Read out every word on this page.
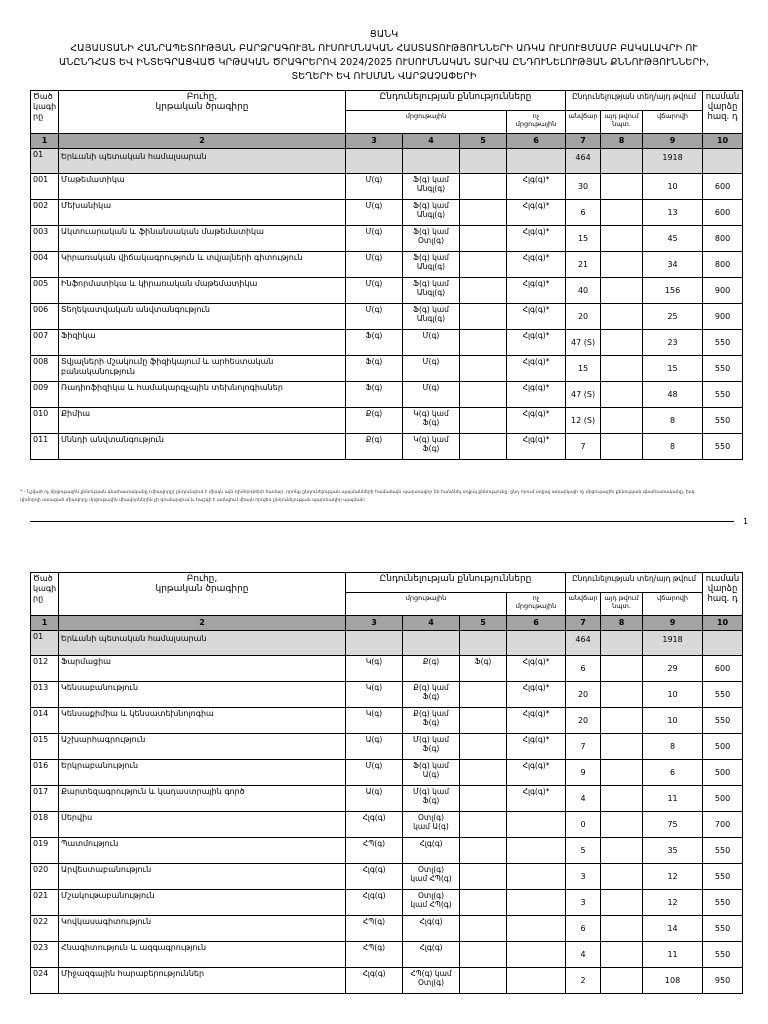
ՑԱՆԿ
ՀԱՅԱՍՏԱՆԻ ՀԱՆՐԱՊԵՏՈՒԹՅԱՆ ԲԱՐՁՐԱԳՈՒՅՆ ՈՒՍՈՒՄՆԱԿԱՆ ՀԱՍՏԱՏՈՒԹՅՈՒՆՆԵՐԻ ԱՌԿԱ ՈՒՍՈՒՑՄԱՄԲ ԲԱԿԱԼԱՎՐԻ ՈՒ
ԱՆԸՆԴՀԱՏ ԵՎ ԻՆՏԵԳՐԱՑՎԱԾ ԿՐԹԱԿԱՆ ԾՐԱԳՐԵՐՈՎ 2024/2025 ՈՒՍՈՒՄՆԱԿԱՆ ՏԱՐՎԱ ԸՆԴՈՒՆԵԼՈՒԹՅԱՆ ՔՆՆՈՒԹՅՈՒՆՆԵՐԻ,
ՏԵՂԵՐԻ ԵՎ ՈՒՍՄԱՆ ՎԱՐՁԱՉԱՓԵՐԻ
Ծած
կագի
րը	Բուհը,
կրթական ծրագիրը	Ընդունելության քննությունները				Ընդունելության տեղ/այդ թվում			ուսման
վարձը
հազ. դ
		մրցութային			ոչ
մրցութային	անվճար	այդ թվում
նպտ.	վճարովի	
1	2	3	4	5	6	7	8	9	10
01	Երևանի պետական համալսարան					464		1918	
001	Մաթեմատիկա	Մ(գ)	Ֆ(գ) կամ
Անգլ(գ)		Հլգ(գ)*	30		10	600
002	Մեխանիկա	Մ(գ)	Ֆ(գ) կամ
Անգլ(գ)		Հլգ(գ)*	6		13	600
003	Ակտուարական և ֆինանսական մաթեմատիկա	Մ(գ)	Ֆ(գ) կամ
Օտլ(գ)		Հլգ(գ)*	15		45	800
004	Կիրառական վիճակագրություն և տվյալների գիտություն	Մ(գ)	Ֆ(գ) կամ
Անգլ(գ)		Հլգ(գ)*	21		34	800
005	Ինֆորմատիկա և կիրառական մաթեմատիկա	Մ(գ)	Ֆ(գ) կամ
Անգլ(գ)		Հլգ(գ)*	40		156	900
006	Տեղեկատվական անվտանգություն	Մ(գ)	Ֆ(գ) կամ
Անգլ(գ)		Հլգ(գ)*	20		25	900
007	Ֆիզիկա	Ֆ(գ)	Մ(գ)		Հլգ(գ)*	47 (S)		23	550
008	Տվյալների մշակումը ֆիզիկայում և արհեստական բանականություն	Ֆ(գ)	Մ(գ)		Հլգ(գ)*	15		15	550
009	Ռադիոֆիզիկա և համակարգչային տեխնոլոգիաներ	Ֆ(գ)	Մ(գ)		Հլգ(գ)*	47 (S)		48	550
010	Քիմիա	Ք(գ)	Կ(գ) կամ
Ֆ(գ)		Հլգ(գ)*	12 (S)		8	550
011	Սննդի անվտանգություն	Ք(գ)	Կ(գ) կամ
Ֆ(գ)		Հլգ(գ)*	7		8	550
* - Նշված ոչ մրցութային քննության գնահատականը (միավորը) ընդունվում է միայն այն դիմորդների համար, որոնք ընդունելության պայմանների համաձայն պարտավոր են հանձնել տվյալ քննությունը, ընդ որում տվյալ առարկայի ոչ մրցութային քննության գնահատականը, իսկ
դիմորդի ստացած միավորը մրցութային միավորներին չի գումարվում և հաշվի է առնվում միայն որպես ընդունելության պարտադիր պայման:
1
Ծած
կագի
րը	Բուհը,
կրթական ծրագիրը	Ընդունելության քննությունները				Ընդունելության տեղ/այդ թվում			ուսման
վարձը
հազ. դ
		մրցութային			ոչ
մրցութային	անվճար	այդ թվում
նպտ.	վճարովի	
1	2	3	4	5	6	7	8	9	10
01	Երևանի պետական համալսարան					464		1918	
012	Ֆարմացիա	Կ(գ)	Ք(գ)	Ֆ(գ)	Հլգ(գ)*	6		29	600
013	Կենսաբանություն	Կ(գ)	Ք(գ) կամ
Ֆ(գ)		Հլգ(գ)*	20		10	550
014	Կենսաքիմիա և կենսատեխնոլոգիա	Կ(գ)	Ք(գ) կամ
Ֆ(գ)		Հլգ(գ)*	20		10	550
015	Աշխարհագրություն	Ա(գ)	Մ(գ) կամ
Ֆ(գ)		Հլգ(գ)*	7		8	500
016	Երկրաբանություն	Մ(գ)	Ֆ(գ) կամ
Ա(գ)		Հլգ(գ)*	9		6	500
017	Քարտեզագրություն և կադաստրային գործ	Ա(գ)	Մ(գ) կամ
Ֆ(գ)		Հլգ(գ)*	4		11	500
018	Սերվիս	Հլգ(գ)	Օտլ(գ)
կամ Ա(գ)			0		75	700
019	Պատմություն	ՀՊ(գ)	Հլգ(գ)			5		35	550
020	Արվեստաբանություն	Հլգ(գ)	Օտլ(գ)
կամ ՀՊ(գ)			3		12	550
021	Մշակութաբանություն	Հլգ(գ)	Օտլ(գ)
կամ ՀՊ(գ)			3		12	550
022	Կովկասագիտություն	ՀՊ(գ)	Հլգ(գ)			6		14	550
023	Հնագիտություն և ազգագրություն	ՀՊ(գ)	Հլգ(գ)			4		11	550
024	Միջազգային հարաբերություններ	Հլգ(գ)	ՀՊ(գ) կամ
Օտլ(գ)			2		108	950
